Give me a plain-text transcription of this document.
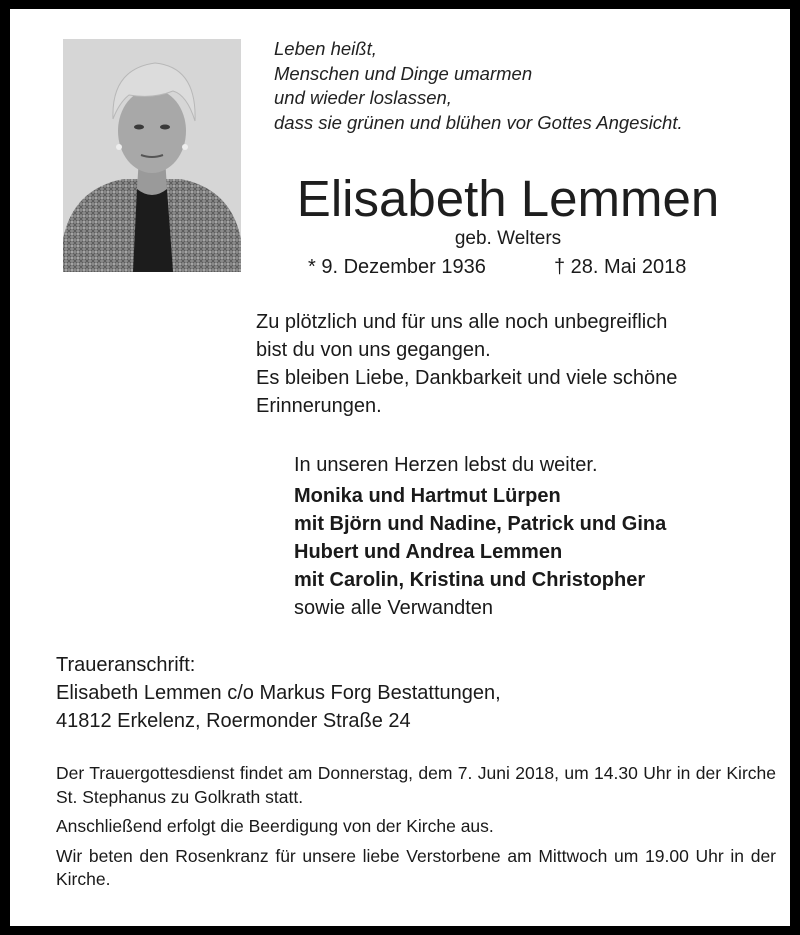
Leben heißt,
Menschen und Dinge umarmen
und wieder loslassen,
dass sie grünen und blühen vor Gottes Angesicht.
Elisabeth Lemmen
geb. Welters
* 9. Dezember 1936	† 28. Mai 2018
Zu plötzlich und für uns alle noch unbegreiflich
bist du von uns gegangen.
Es bleiben Liebe, Dankbarkeit und viele schöne
Erinnerungen.
In unseren Herzen lebst du weiter.
Monika und Hartmut Lürpen
mit Björn und Nadine, Patrick und Gina
Hubert und Andrea Lemmen
mit Carolin, Kristina und Christopher
sowie alle Verwandten
Traueranschrift:
Elisabeth Lemmen c/o Markus Forg Bestattungen,
41812 Erkelenz, Roermonder Straße 24

Der Trauergottesdienst findet am Donnerstag, dem 7. Juni 2018, um 14.30 Uhr in der Kirche St. Stephanus zu Golkrath statt.

Anschließend erfolgt die Beerdigung von der Kirche aus.

Wir beten den Rosenkranz für unsere liebe Verstorbene am Mittwoch um 19.00 Uhr in der Kirche.
